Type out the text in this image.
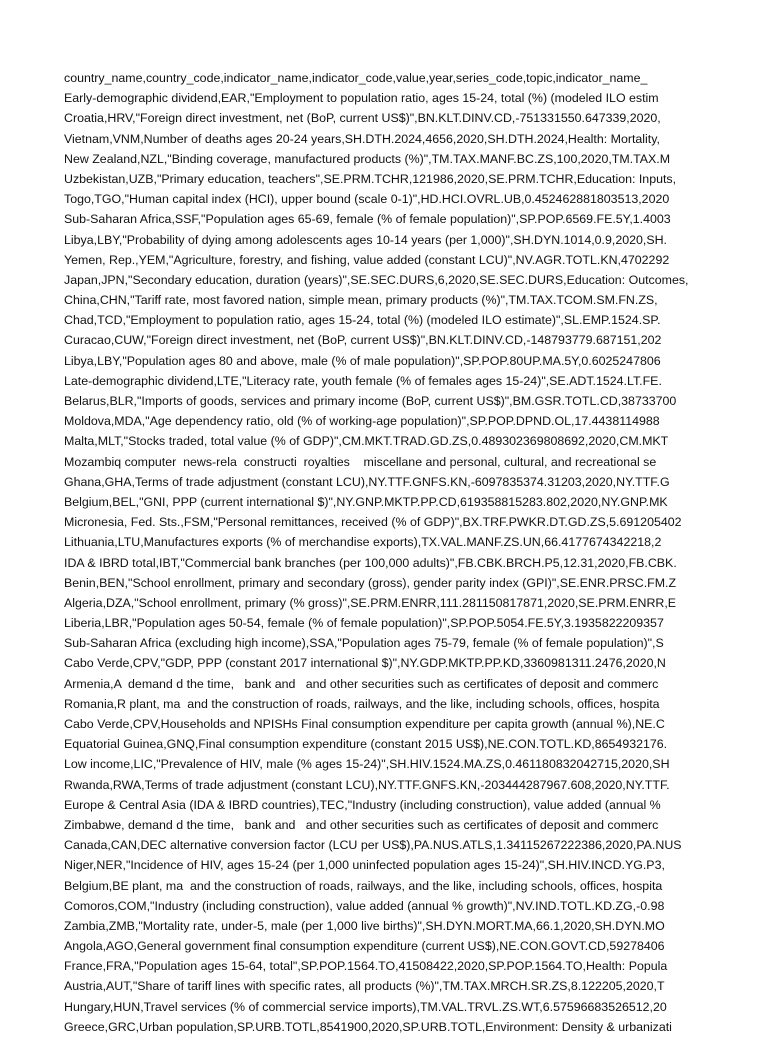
country_name,country_code,indicator_name,indicator_code,value,year,series_code,topic,indicator_name_
Early-demographic dividend,EAR,"Employment to population ratio, ages 15-24, total (%) (modeled ILO estim
Croatia,HRV,"Foreign direct investment, net (BoP, current US$)",BN.KLT.DINV.CD,-751331550.647339,2020,
Vietnam,VNM,Number of deaths ages 20-24 years,SH.DTH.2024,4656,2020,SH.DTH.2024,Health: Mortality,
New Zealand,NZL,"Binding coverage, manufactured products (%)",TM.TAX.MANF.BC.ZS,100,2020,TM.TAX.M
Uzbekistan,UZB,"Primary education, teachers",SE.PRM.TCHR,121986,2020,SE.PRM.TCHR,Education: Inputs,
Togo,TGO,"Human capital index (HCI), upper bound (scale 0-1)",HD.HCI.OVRL.UB,0.452462881803513,2020
Sub-Saharan Africa,SSF,"Population ages 65-69, female (% of female population)",SP.POP.6569.FE.5Y,1.4003
Libya,LBY,"Probability of dying among adolescents ages 10-14 years (per 1,000)",SH.DYN.1014,0.9,2020,SH.
Yemen, Rep.,YEM,"Agriculture, forestry, and fishing, value added (constant LCU)",NV.AGR.TOTL.KN,4702292
Japan,JPN,"Secondary education, duration (years)",SE.SEC.DURS,6,2020,SE.SEC.DURS,Education: Outcomes,
China,CHN,"Tariff rate, most favored nation, simple mean, primary products (%)",TM.TAX.TCOM.SM.FN.ZS,
Chad,TCD,"Employment to population ratio, ages 15-24, total (%) (modeled ILO estimate)",SL.EMP.1524.SP.
Curacao,CUW,"Foreign direct investment, net (BoP, current US$)",BN.KLT.DINV.CD,-148793779.687151,202
Libya,LBY,"Population ages 80 and above, male (% of male population)",SP.POP.80UP.MA.5Y,0.6025247806
Late-demographic dividend,LTE,"Literacy rate, youth female (% of females ages 15-24)",SE.ADT.1524.LT.FE.
Belarus,BLR,"Imports of goods, services and primary income (BoP, current US$)",BM.GSR.TOTL.CD,38733700
Moldova,MDA,"Age dependency ratio, old (% of working-age population)",SP.POP.DPND.OL,17.4438114988
Malta,MLT,"Stocks traded, total value (% of GDP)",CM.MKT.TRAD.GD.ZS,0.489302369808692,2020,CM.MKT
Mozambiq computer  news-rela  constructi  royalties    miscellane and personal, cultural, and recreational se
Ghana,GHA,Terms of trade adjustment (constant LCU),NY.TTF.GNFS.KN,-6097835374.31203,2020,NY.TTF.G
Belgium,BEL,"GNI, PPP (current international $)",NY.GNP.MKTP.PP.CD,619358815283.802,2020,NY.GNP.MK
Micronesia, Fed. Sts.,FSM,"Personal remittances, received (% of GDP)",BX.TRF.PWKR.DT.GD.ZS,5.691205402
Lithuania,LTU,Manufactures exports (% of merchandise exports),TX.VAL.MANF.ZS.UN,66.4177674342218,2
IDA & IBRD total,IBT,"Commercial bank branches (per 100,000 adults)",FB.CBK.BRCH.P5,12.31,2020,FB.CBK.
Benin,BEN,"School enrollment, primary and secondary (gross), gender parity index (GPI)",SE.ENR.PRSC.FM.Z
Algeria,DZA,"School enrollment, primary (% gross)",SE.PRM.ENRR,111.281150817871,2020,SE.PRM.ENRR,E
Liberia,LBR,"Population ages 50-54, female (% of female population)",SP.POP.5054.FE.5Y,3.1935822209357
Sub-Saharan Africa (excluding high income),SSA,"Population ages 75-79, female (% of female population)",S
Cabo Verde,CPV,"GDP, PPP (constant 2017 international $)",NY.GDP.MKTP.PP.KD,3360981311.2476,2020,N
Armenia,A  demand d the time,   bank and   and other securities such as certificates of deposit and commerc
Romania,R plant, ma  and the construction of roads, railways, and the like, including schools, offices, hospita
Cabo Verde,CPV,Households and NPISHs Final consumption expenditure per capita growth (annual %),NE.C
Equatorial Guinea,GNQ,Final consumption expenditure (constant 2015 US$),NE.CON.TOTL.KD,8654932176.
Low income,LIC,"Prevalence of HIV, male (% ages 15-24)",SH.HIV.1524.MA.ZS,0.461180832042715,2020,SH
Rwanda,RWA,Terms of trade adjustment (constant LCU),NY.TTF.GNFS.KN,-203444287967.608,2020,NY.TTF.
Europe & Central Asia (IDA & IBRD countries),TEC,"Industry (including construction), value added (annual %
Zimbabwe, demand d the time,   bank and   and other securities such as certificates of deposit and commerc
Canada,CAN,DEC alternative conversion factor (LCU per US$),PA.NUS.ATLS,1.34115267222386,2020,PA.NUS
Niger,NER,"Incidence of HIV, ages 15-24 (per 1,000 uninfected population ages 15-24)",SH.HIV.INCD.YG.P3,
Belgium,BE plant, ma  and the construction of roads, railways, and the like, including schools, offices, hospita
Comoros,COM,"Industry (including construction), value added (annual % growth)",NV.IND.TOTL.KD.ZG,-0.98
Zambia,ZMB,"Mortality rate, under-5, male (per 1,000 live births)",SH.DYN.MORT.MA,66.1,2020,SH.DYN.MO
Angola,AGO,General government final consumption expenditure (current US$),NE.CON.GOVT.CD,59278406
France,FRA,"Population ages 15-64, total",SP.POP.1564.TO,41508422,2020,SP.POP.1564.TO,Health: Popula
Austria,AUT,"Share of tariff lines with specific rates, all products (%)",TM.TAX.MRCH.SR.ZS,8.122205,2020,T
Hungary,HUN,Travel services (% of commercial service imports),TM.VAL.TRVL.ZS.WT,6.57596683526512,20
Greece,GRC,Urban population,SP.URB.TOTL,8541900,2020,SP.URB.TOTL,Environment: Density & urbanizati
